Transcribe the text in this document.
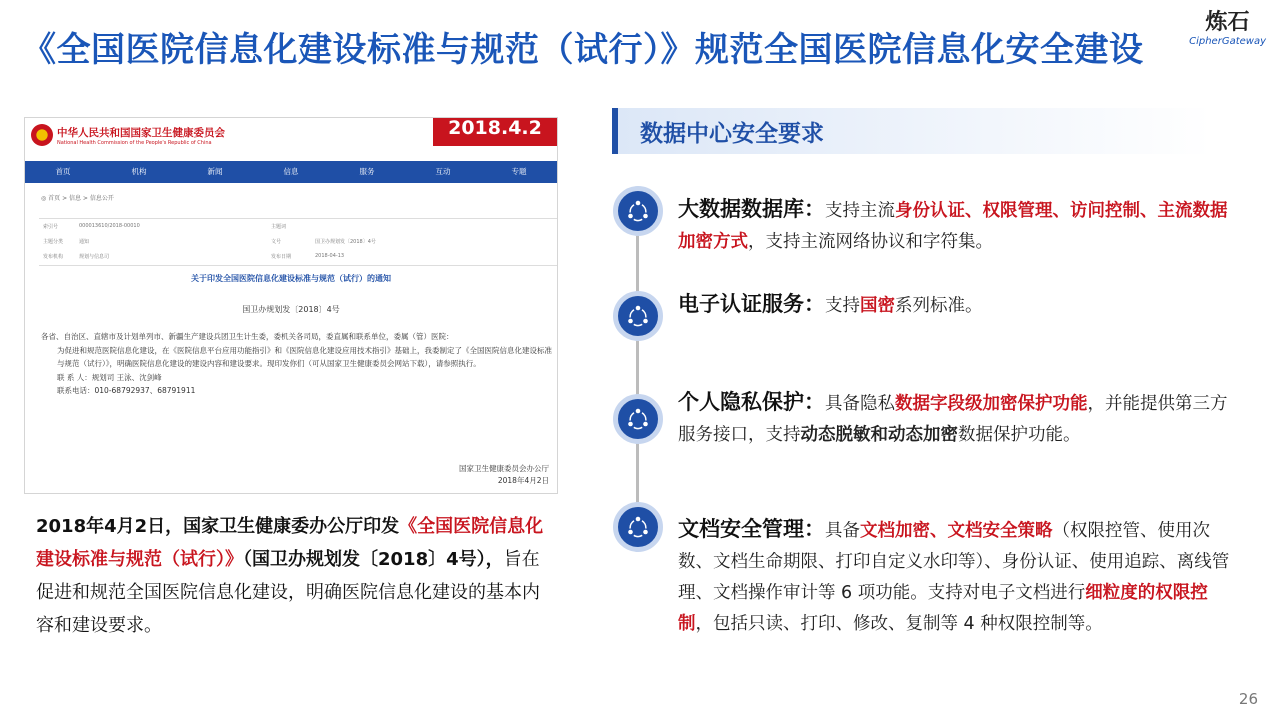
《全国医院信息化建设标准与规范（试行）》规范全国医院信息化安全建设
炼石
CipherGateway
中华人民共和国国家卫生健康委员会
National Health Commission of the People's Republic of China
2018.4.2
首页	机构	新闻	信息	服务	互动	专题
◎ 首页 > 信息 > 信息公开
索引号	000013610/2018-00010	主题词
主题分类	通知	文号	国卫办规划发〔2018〕4号
发布机构	规划与信息司	发布日期	2018-04-13
关于印发全国医院信息化建设标准与规范（试行）的通知
国卫办规划发〔2018〕4号

各省、自治区、直辖市及计划单列市、新疆生产建设兵团卫生计生委，委机关各司局，委直属和联系单位，委属（管）医院：

为促进和规范医院信息化建设，在《医院信息平台应用功能指引》和《医院信息化建设应用技术指引》基础上，我委制定了《全国医院信息化建设标准与规范（试行）》，明确医院信息化建设的建设内容和建设要求。现印发你们（可从国家卫生健康委员会网站下载），请参照执行。

联 系 人：规划司 王泳、沈剑峰

联系电话：010-68792937、68791911

国家卫生健康委员会办公厅
2018年4月2日
2018年4月2日，国家卫生健康委办公厅印发《全国医院信息化建设标准与规范（试行）》（国卫办规划发〔2018〕4号），旨在促进和规范全国医院信息化建设，明确医院信息化建设的基本内容和建设要求。
数据中心安全要求
大数据数据库：支持主流身份认证、权限管理、访问控制、主流数据加密方式，支持主流网络协议和字符集。
电子认证服务：支持国密系列标准。
个人隐私保护：具备隐私数据字段级加密保护功能，并能提供第三方服务接口，支持动态脱敏和动态加密数据保护功能。
文档安全管理：具备文档加密、文档安全策略（权限控管、使用次数、文档生命期限、打印自定义水印等）、身份认证、使用追踪、离线管理、文档操作审计等 6 项功能。支持对电子文档进行细粒度的权限控制，包括只读、打印、修改、复制等 4 种权限控制等。
26
